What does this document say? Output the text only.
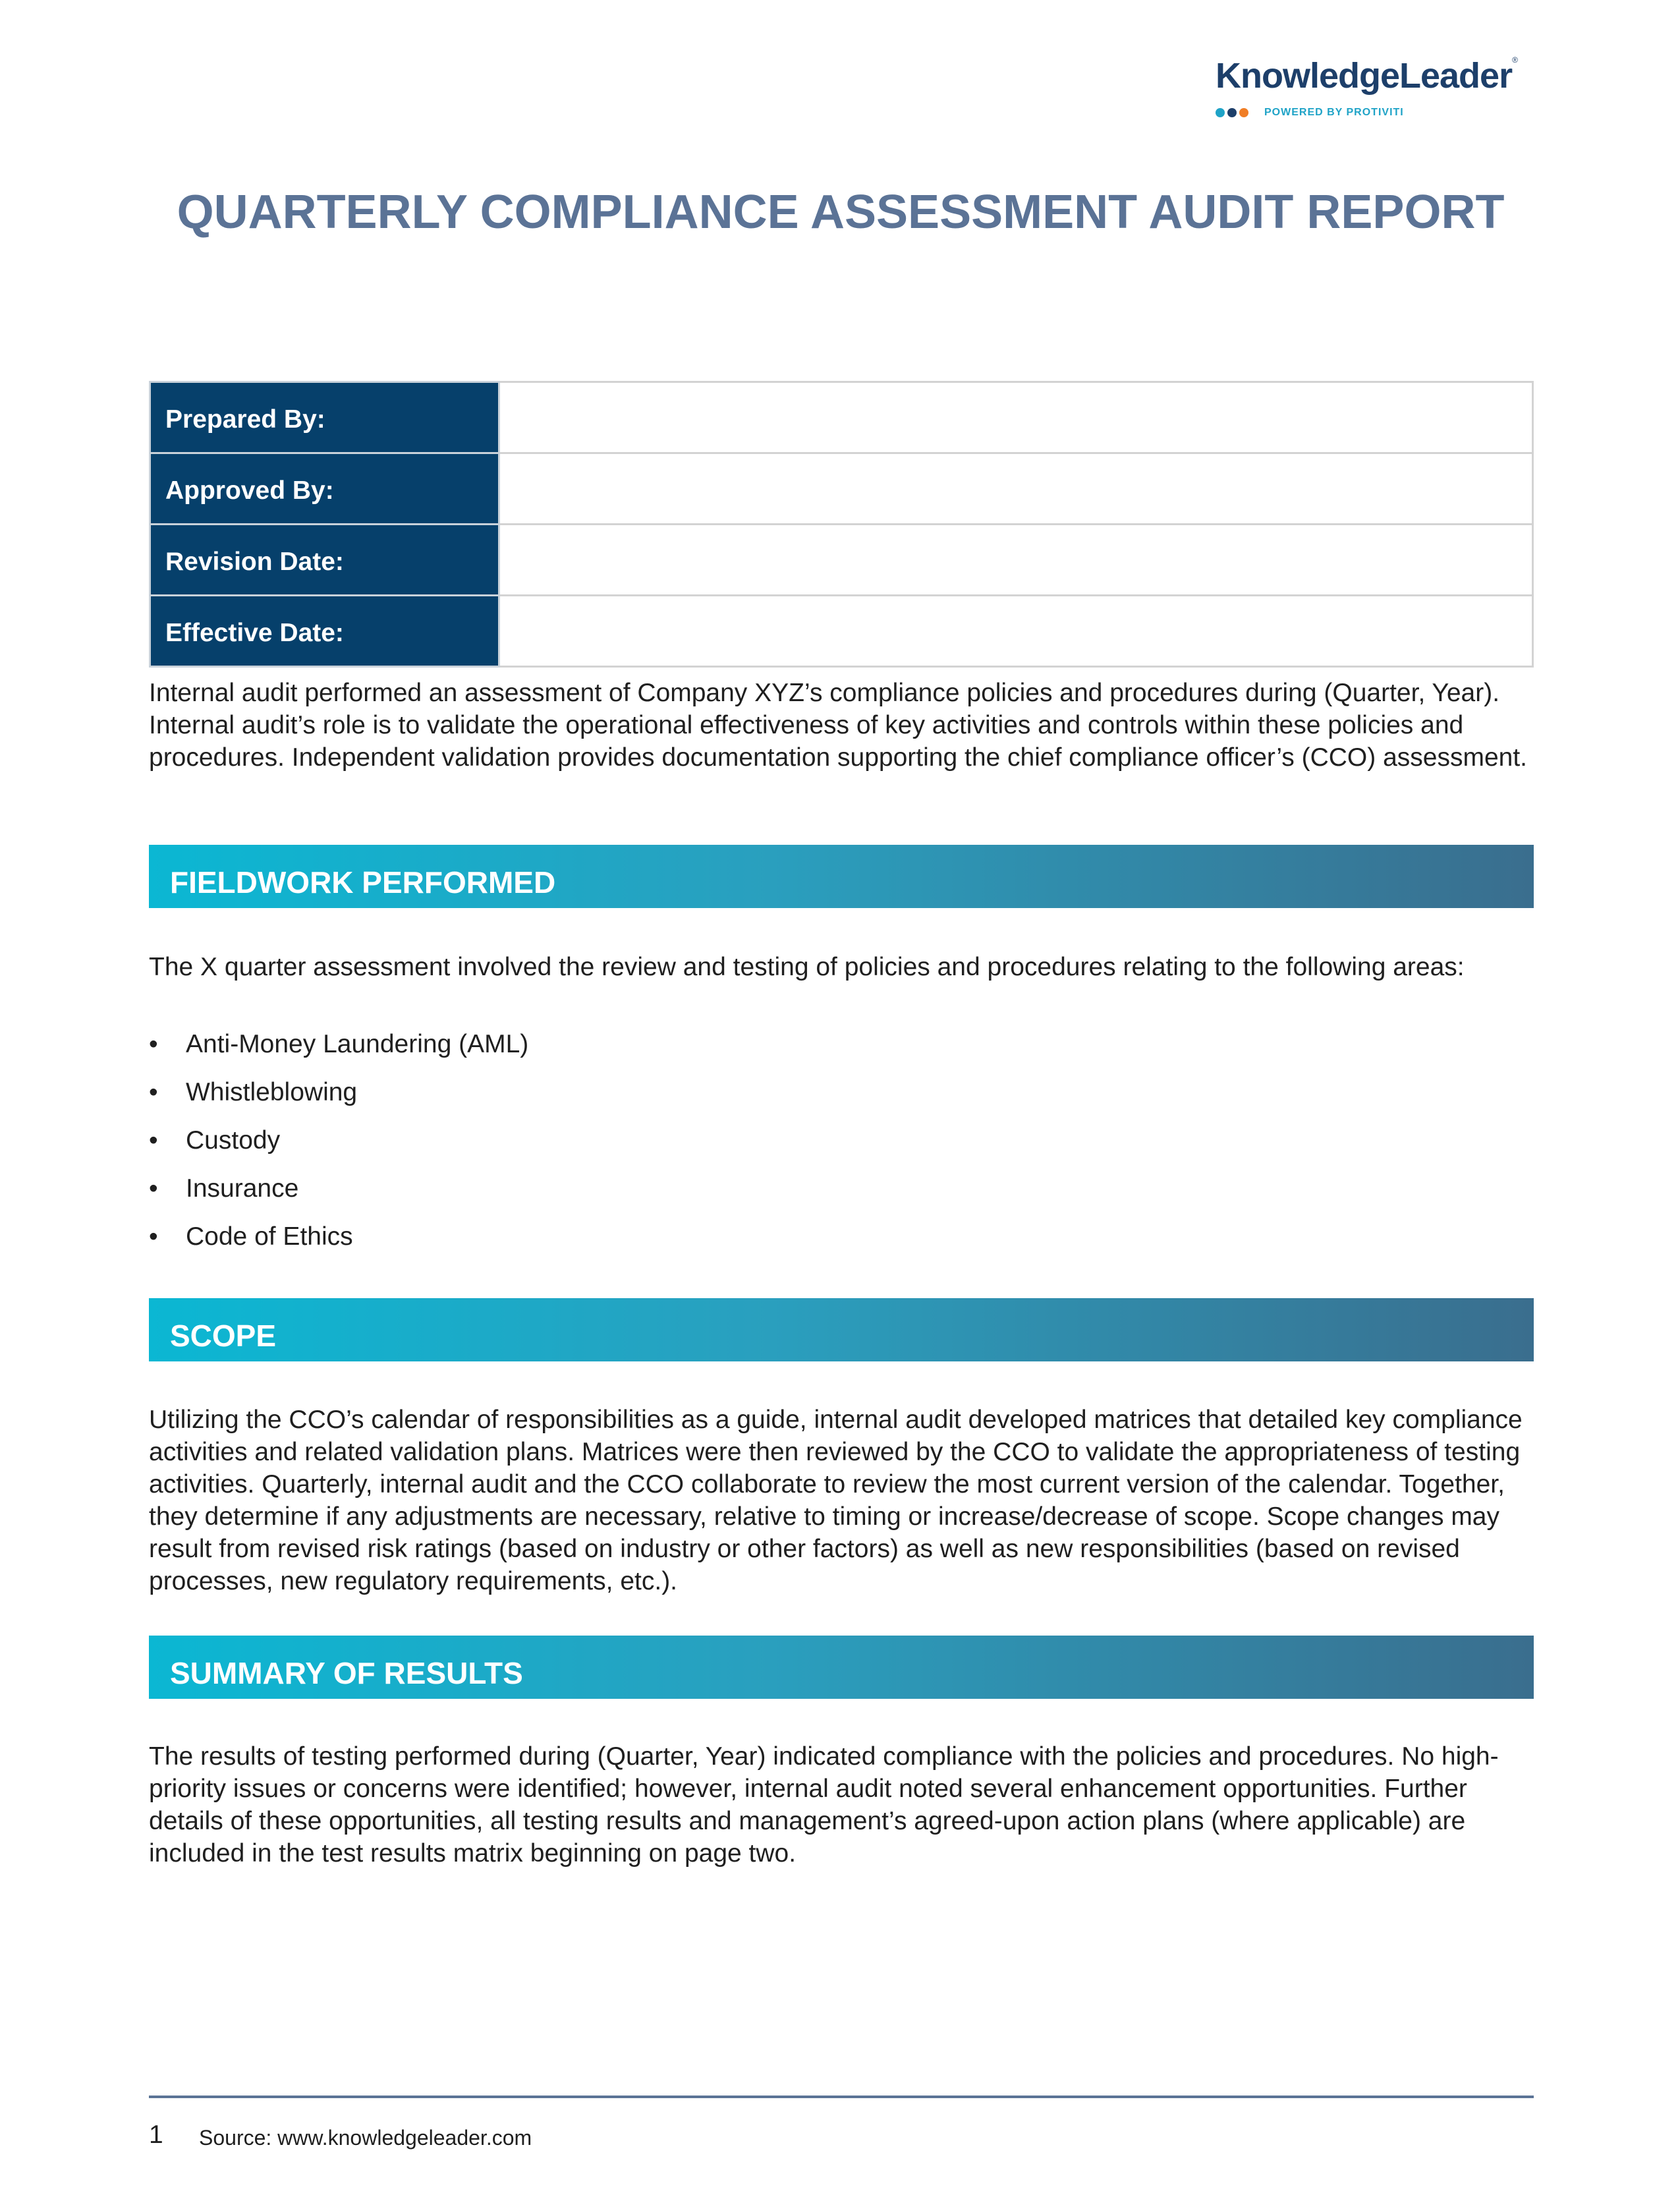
KnowledgeLeader®
POWERED BY PROTIVITI
QUARTERLY COMPLIANCE ASSESSMENT AUDIT REPORT
Prepared By:	
Approved By:	
Revision Date:	
Effective Date:	

Internal audit performed an assessment of Company XYZ’s compliance policies and procedures during (Quarter, Year). Internal audit’s role is to validate the operational effectiveness of key activities and controls within these policies and procedures. Independent validation provides documentation supporting the chief compliance officer’s (CCO) assessment.

FIELDWORK PERFORMED

The X quarter assessment involved the review and testing of policies and procedures relating to the following areas:

• Anti-Money Laundering (AML)
• Whistleblowing
• Custody
• Insurance
• Code of Ethics
SCOPE

Utilizing the CCO’s calendar of responsibilities as a guide, internal audit developed matrices that detailed key compliance activities and related validation plans. Matrices were then reviewed by the CCO to validate the appropriateness of testing activities. Quarterly, internal audit and the CCO collaborate to review the most current version of the calendar. Together, they determine if any adjustments are necessary, relative to timing or increase/decrease of scope. Scope changes may result from revised risk ratings (based on industry or other factors) as well as new responsibilities (based on revised processes, new regulatory requirements, etc.).

SUMMARY OF RESULTS

The results of testing performed during (Quarter, Year) indicated compliance with the policies and procedures. No high-priority issues or concerns were identified; however, internal audit noted several enhancement opportunities. Further details of these opportunities, all testing results and management’s agreed-upon action plans (where applicable) are included in the test results matrix beginning on page two.

1 Source: www.knowledgeleader.com
